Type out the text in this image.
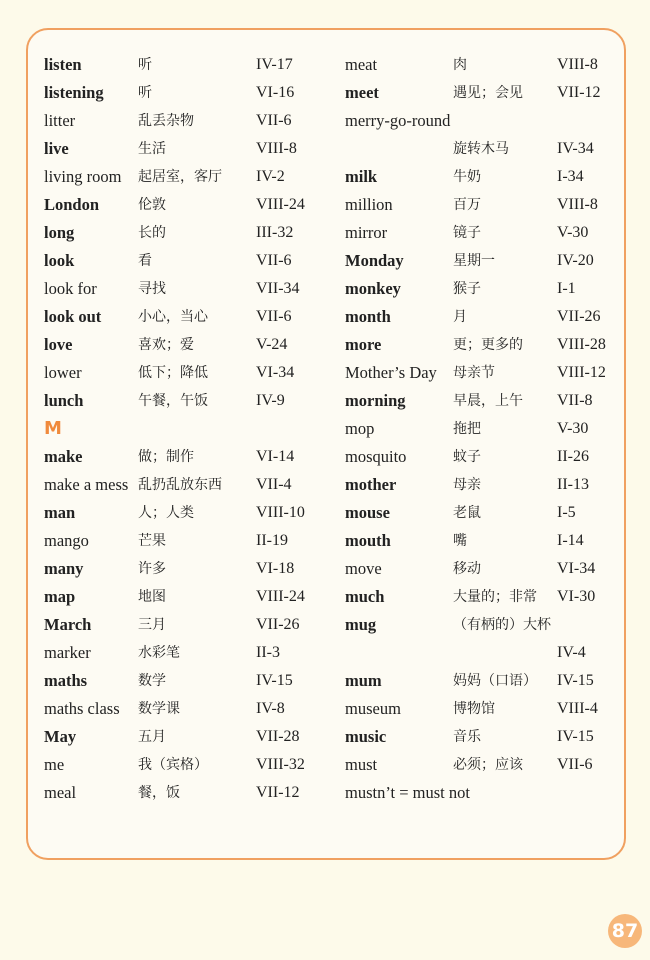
listen	听	IV-17
listening 听	VI-16
litter	乱丢杂物	VII-6
live	生活	VIII-8
living room 起居室，客厅 IV-2
London	伦敦	VIII-24
long	长的	III-32
look	看	VII-6
look for	寻找	VII-34
look out	小心，当心	VII-6
love	喜欢；爱	V-24
lower	低下；降低	VI-34
lunch	午餐，午饭	IV-9
M
make	做；制作	VI-14
make a mess 乱扔乱放东西 VII-4
man	人；人类	VIII-10
mango	芒果	II-19
many	许多	VI-18
map	地图	VIII-24
March	三月	VII-26
marker	水彩笔	II-3
maths	数学	IV-15
maths class 数学课	IV-8
May	五月	VII-28
me	我（宾格）	VIII-32
meal	餐，饭	VII-12
meat	肉	VIII-8
meet	遇见；会见 VII-12
merry-go-round
旋转木马	IV-34
milk	牛奶	I-34
million	百万	VIII-8
mirror	镜子	V-30
Monday	星期一	IV-20
monkey	猴子	I-1
month	月	VII-26
more	更；更多的 VIII-28
Mother’s Day 母亲节	VIII-12
morning	早晨，上午 VII-8
mop	拖把	V-30
mosquito	蚊子	II-26
mother	母亲	II-13
mouse	老鼠	I-5
mouth	嘴	I-14
move	移动	VI-34
much	大量的；非常 VI-30
mug	（有柄的）大杯
IV-4
mum	妈妈（口语） IV-15
museum	博物馆	VIII-4
music	音乐	IV-15
must	必须；应该 VII-6
mustn’t = must not
87
